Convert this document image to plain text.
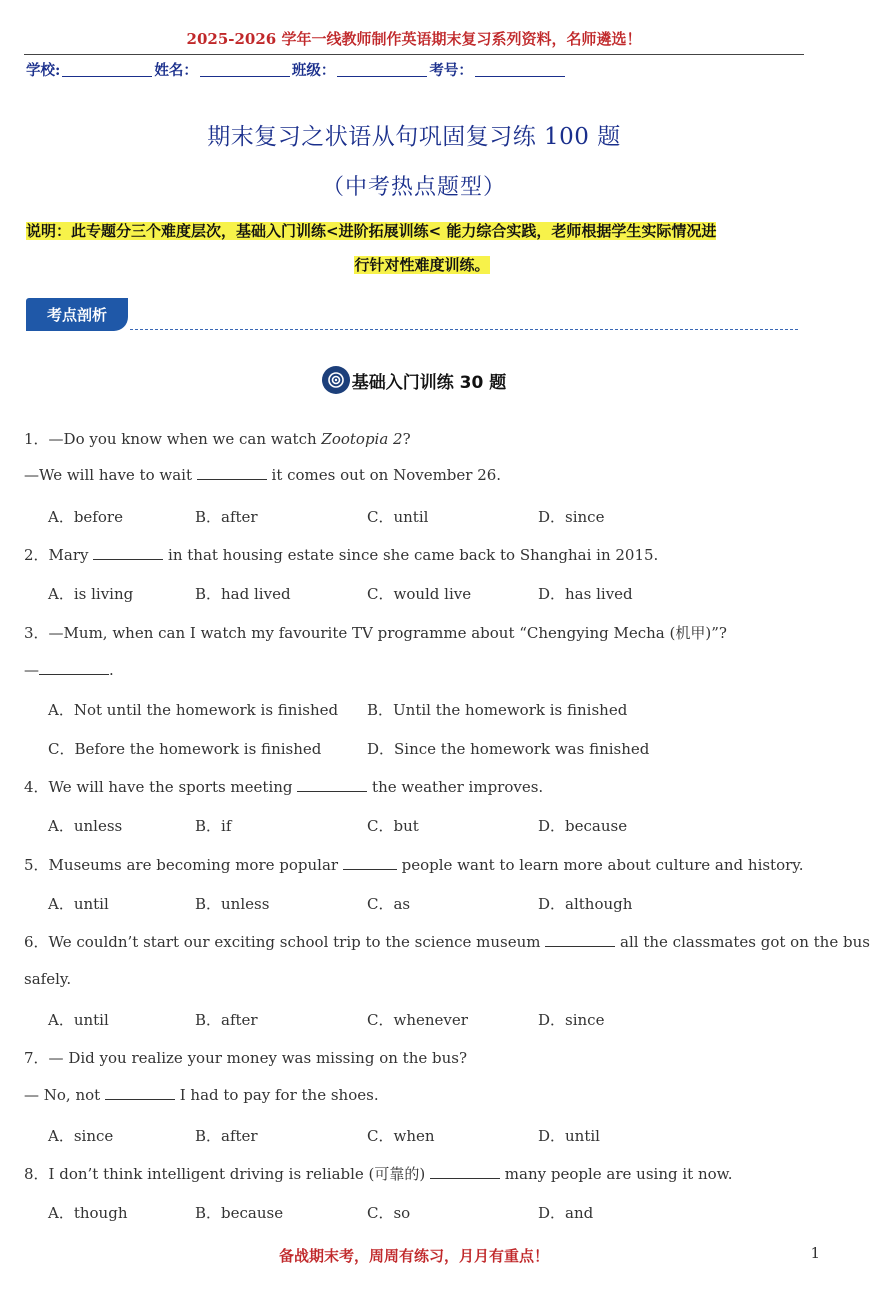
2025-2026 学年一线教师制作英语期末复习系列资料，名师遴选！
学校:	姓名：	班级：	考号：
期末复习之状语从句巩固复习练 100 题
（中考热点题型）
说明：此专题分三个难度层次，基础入门训练<进阶拓展训练< 能力综合实践，老师根据学生实际情况进
行针对性难度训练。
考点剖析
基础入门训练 30 题
1．—Do you know when we can watch Zootopia 2?
—We will have to wait	it comes out on November 26.
A．before	B．after	C．until	D．since
2．Mary	in that housing estate since she came back to Shanghai in 2015.
A．is living	B．had lived	C．would live	D．has lived
3．—Mum, when can I watch my favourite TV programme about “Chengying Mecha (机甲)”?
—	.
A．Not until the homework is finished B．Until the homework is finished
C．Before the homework is finished	D．Since the homework was finished
4．We will have the sports meeting	the weather improves.
A．unless	B．if	C．but	D．because
5．Museums are becoming more popular	people want to learn more about culture and history.
A．until	B．unless	C．as	D．although
6．We couldn’t start our exciting school trip to the science museum	all the classmates got on the bus
safely.
A．until	B．after	C．whenever	D．since
7．— Did you realize your money was missing on the bus?
— No, not	I had to pay for the shoes.
A．since	B．after	C．when	D．until
8．I don’t think intelligent driving is reliable (可靠的)	many people are using it now.
A．though	B．because	C．so	D．and
备战期末考，周周有练习，月月有重点！	1
